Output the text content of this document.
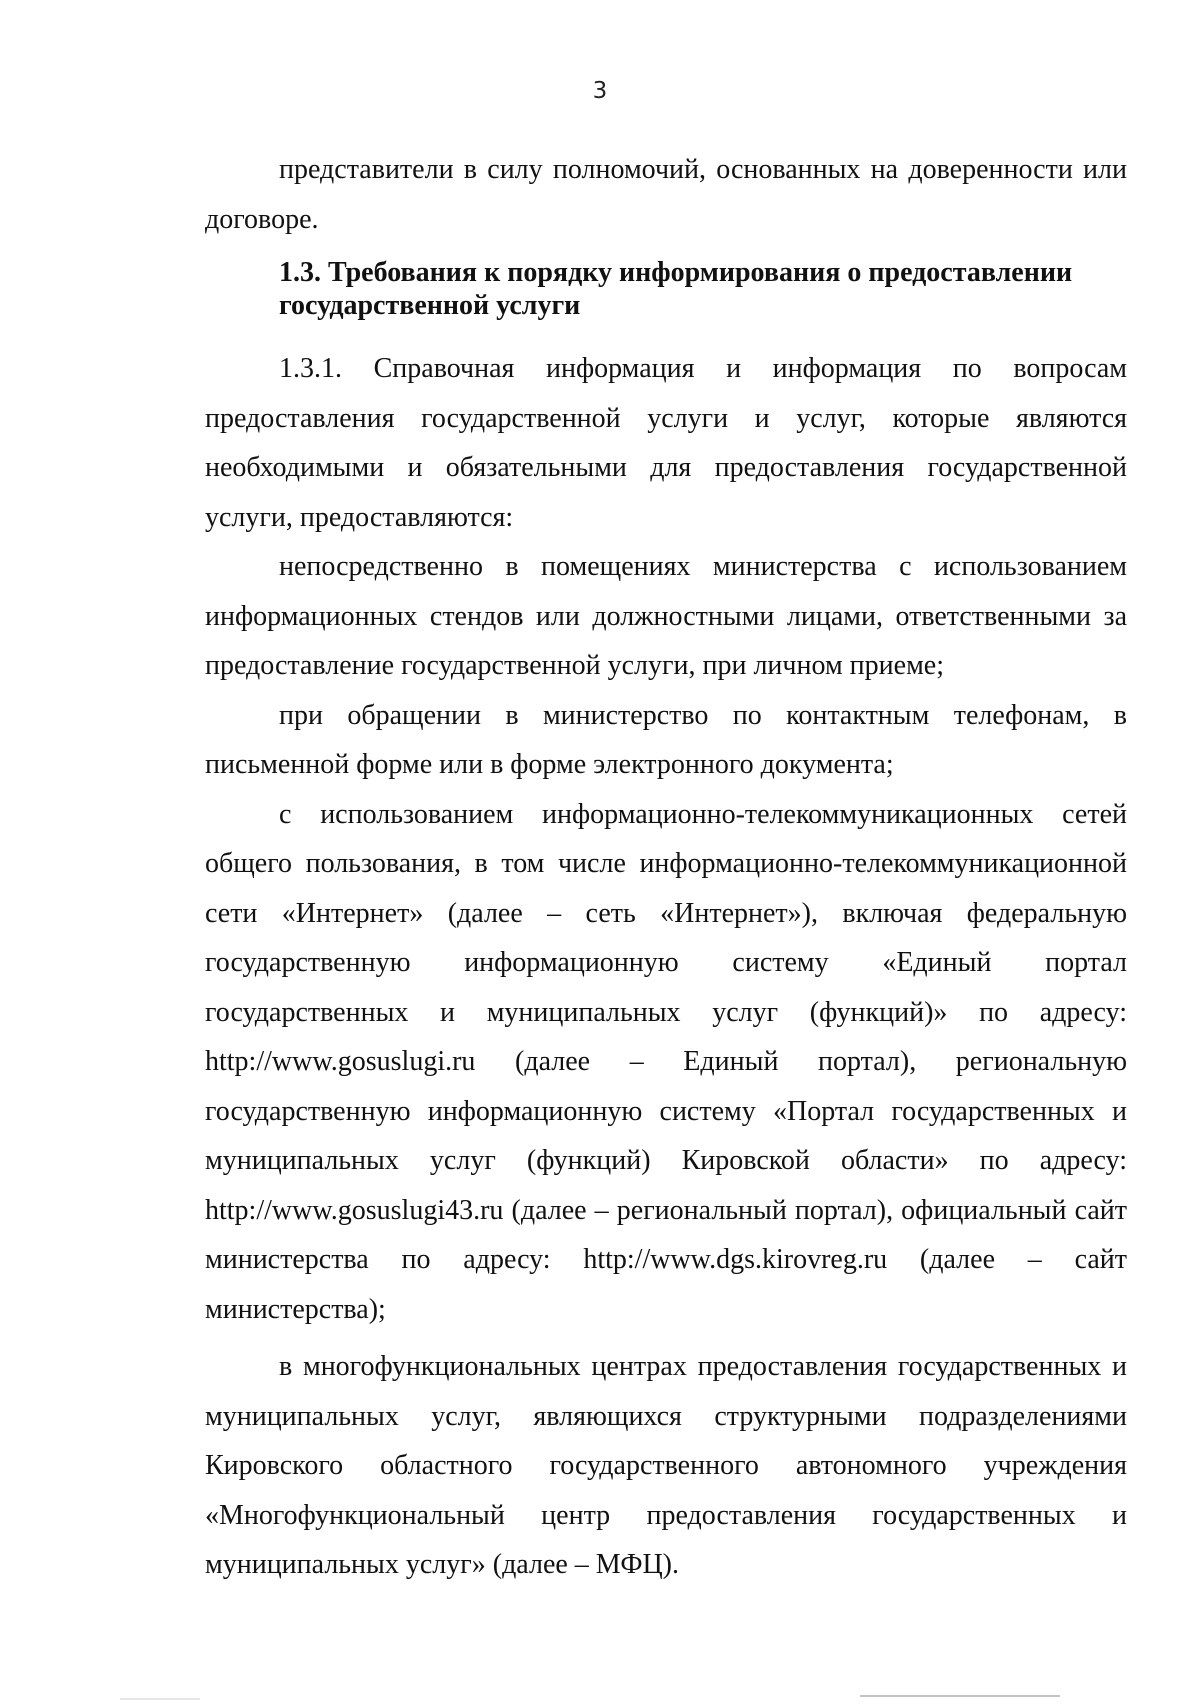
3

представители в силу полномочий, основанных на доверенности или договоре.

1.3. Требования к порядку информирования о предоставлении государственной услуги

1.3.1. Справочная информация и информация по вопросам предоставления государственной услуги и услуг, которые являются необходимыми и обязательными для предоставления государственной услуги, предоставляются:

непосредственно в помещениях министерства с использованием информационных стендов или должностными лицами, ответственными за предоставление государственной услуги, при личном приеме;

при обращении в министерство по контактным телефонам, в письменной форме или в форме электронного документа;

с использованием информационно-телекоммуникационных сетей общего пользования, в том числе информационно-телекоммуникационной сети «Интернет» (далее – сеть «Интернет»), включая федеральную государственную информационную систему «Единый портал государственных и муниципальных услуг (функций)» по адресу: http://www.gosuslugi.ru (далее – Единый портал), региональную государственную информационную систему «Портал государственных и муниципальных услуг (функций) Кировской области» по адресу: http://www.gosuslugi43.ru (далее – региональный портал), официальный сайт министерства по адресу: http://www.dgs.kirovreg.ru (далее – сайт министерства);

в многофункциональных центрах предоставления государственных и муниципальных услуг, являющихся структурными подразделениями Кировского областного государственного автономного учреждения «Многофункциональный центр предоставления государственных и муниципальных услуг» (далее – МФЦ).
